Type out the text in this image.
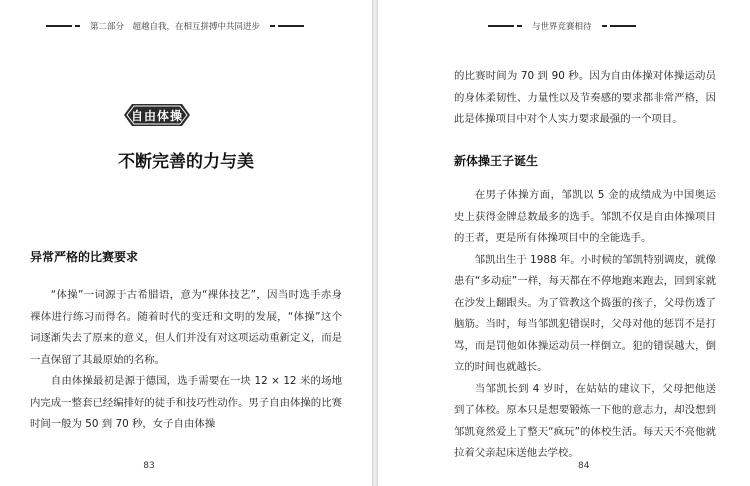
第二部分　超越自我，在相互拼搏中共同进步
自由体操
不断完善的力与美
异常严格的比赛要求

“体操”一词源于古希腊语，意为“裸体技艺”，因当时选手赤身裸体进行练习而得名。随着时代的变迁和文明的发展，“体操”这个词逐渐失去了原来的意义，但人们并没有对这项运动重新定义，而是一直保留了其最原始的名称。

自由体操最初是源于德国，选手需要在一块 12 × 12 米的场地内完成一整套已经编排好的徒手和技巧性动作。男子自由体操的比赛时间一般为 50 到 70 秒，女子自由体操

83
与世界竞赛相待

的比赛时间为 70 到 90 秒。因为自由体操对体操运动员的身体柔韧性、力量性以及节奏感的要求都非常严格，因此是体操项目中对个人实力要求最强的一个项目。

新体操王子诞生

在男子体操方面，邹凯以 5 金的成绩成为中国奥运史上获得金牌总数最多的选手。邹凯不仅是自由体操项目的王者，更是所有体操项目中的全能选手。

邹凯出生于 1988 年。小时候的邹凯特别调皮，就像患有“多动症”一样，每天都在不停地跑来跑去，回到家就在沙发上翻跟头。为了管教这个捣蛋的孩子，父母伤透了脑筋。当时，每当邹凯犯错误时，父母对他的惩罚不是打骂，而是罚他如体操运动员一样倒立。犯的错误越大，倒立的时间也就越长。

当邹凯长到 4 岁时，在姑姑的建议下，父母把他送到了体校。原本只是想要锻炼一下他的意志力，却没想到邹凯竟然爱上了整天“疯玩”的体校生活。每天天不亮他就拉着父亲起床送他去学校。

84
